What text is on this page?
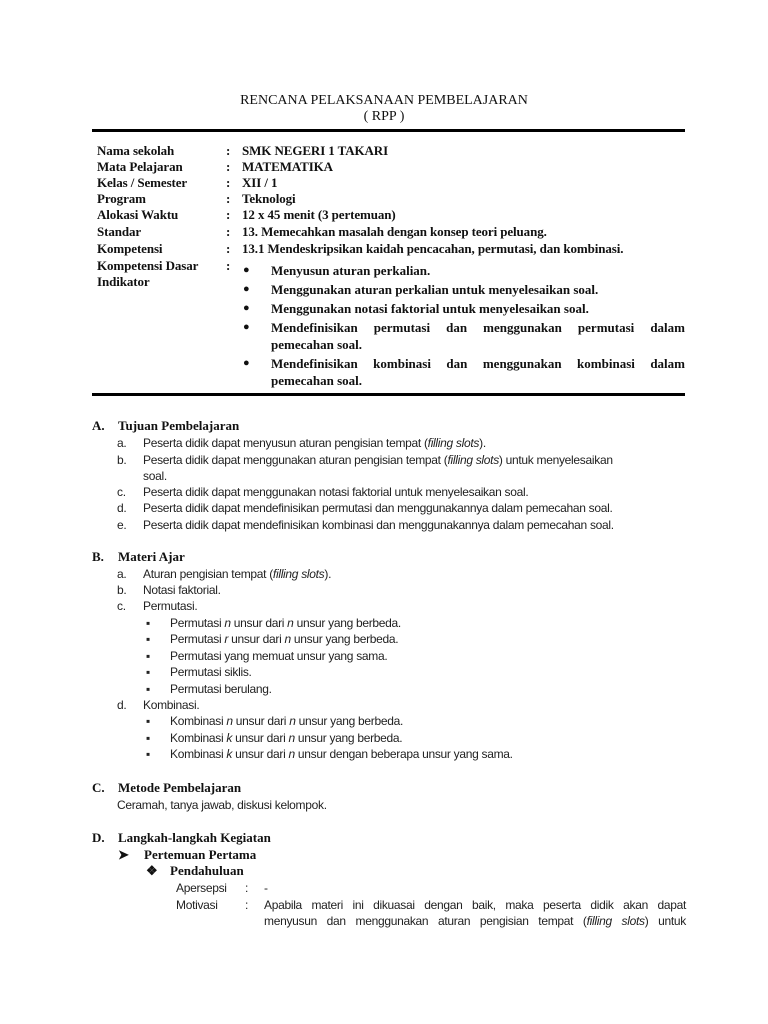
RENCANA PELAKSANAAN PEMBELAJARAN
( RPP )
Nama sekolah	: SMK NEGERI 1 TAKARI
Mata Pelajaran	: MATEMATIKA
Kelas / Semester	: XII / 1
Program	: Teknologi
Alokasi Waktu	: 12 x 45 menit (3 pertemuan)
Standar	: 13. Memecahkan masalah dengan konsep teori peluang.
Kompetensi	: 13.1 Mendeskripsikan kaidah pencacahan, permutasi, dan kombinasi.
Kompetensi Dasar :
Indikator
● Menyusun aturan perkalian.
● Menggunakan aturan perkalian untuk menyelesaikan soal.
● Menggunakan notasi faktorial untuk menyelesaikan soal.
● Mendefinisikan permutasi dan menggunakan permutasi dalam pemecahan soal.
● Mendefinisikan kombinasi dan menggunakan kombinasi dalam pemecahan soal.
A. Tujuan Pembelajaran
a. Peserta didik dapat menyusun aturan pengisian tempat (filling slots).
b. Peserta didik dapat menggunakan aturan pengisian tempat (filling slots) untuk menyelesaikan
soal.
c. Peserta didik dapat menggunakan notasi faktorial untuk menyelesaikan soal.
d. Peserta didik dapat mendefinisikan permutasi dan menggunakannya dalam pemecahan soal.
e. Peserta didik dapat mendefinisikan kombinasi dan menggunakannya dalam pemecahan soal.
B. Materi Ajar
a. Aturan pengisian tempat (filling slots).
b. Notasi faktorial.
c. Permutasi.
▪ Permutasi n unsur dari n unsur yang berbeda.
▪ Permutasi r unsur dari n unsur yang berbeda.
▪ Permutasi yang memuat unsur yang sama.
▪ Permutasi siklis.
▪ Permutasi berulang.
d. Kombinasi.
▪ Kombinasi n unsur dari n unsur yang berbeda.
▪ Kombinasi k unsur dari n unsur yang berbeda.
▪ Kombinasi k unsur dari n unsur dengan beberapa unsur yang sama.
C. Metode Pembelajaran
Ceramah, tanya jawab, diskusi kelompok.
D. Langkah-langkah Kegiatan
➤ Pertemuan Pertama
❖ Pendahuluan
Apersepsi : -
Motivasi : Apabila materi ini dikuasai dengan baik, maka peserta didik akan dapat
menyusun dan menggunakan aturan pengisian tempat (filling slots) untuk
